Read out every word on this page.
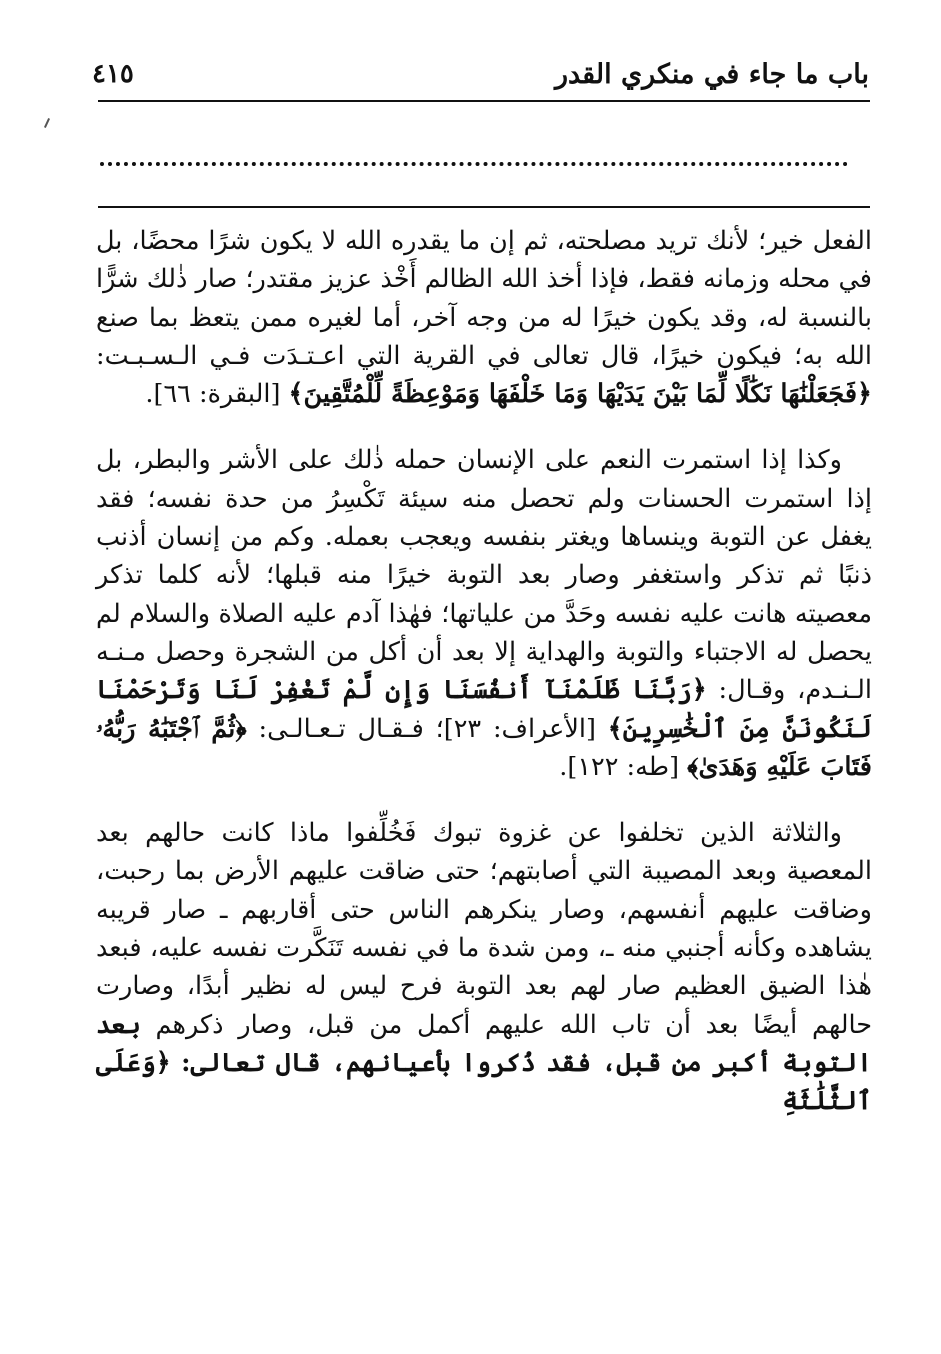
باب ما جاء في منكري القدر
٤١٥

الفعل خير؛ لأنك تريد مصلحته، ثم إن ما يقدره الله لا يكون شرًا محضًا، بل في محله وزمانه فقط، فإذا أخذ الله الظالم أَخْذ عزيز مقتدر؛ صار ذٰلك شرًّا بالنسبة له، وقد يكون خيرًا له من وجه آخر، أما لغيره ممن يتعظ بما صنع الله به؛ فيكون خيرًا، قال تعالى في القرية التي اعـتـدَت فـي الـسـبـت: ﴿فَجَعَلْنَٰهَا نَكَٰلًا لِّمَا بَيْنَ يَدَيْهَا وَمَا خَلْفَهَا وَمَوْعِظَةً لِّلْمُتَّقِينَ﴾ [البقرة: ٦٦].

وكذا إذا استمرت النعم على الإنسان حمله ذٰلك على الأشر والبطر، بل إذا استمرت الحسنات ولم تحصل منه سيئة تَكْسِرُ من حدة نفسه؛ فقد يغفل عن التوبة وينساها ويغتر بنفسه ويعجب بعمله. وكم من إنسان أذنب ذنبًا ثم تذكر واستغفر وصار بعد التوبة خيرًا منه قبلها؛ لأنه كلما تذكر معصيته هانت عليه نفسه وحَدَّ من علياتها؛ فهٰذا آدم عليه الصلاة والسلام لم يحصل له الاجتباء والتوبة والهداية إلا بعد أن أكل من الشجرة وحصل مـنـه الـنـدم، وقـال: ﴿رَبَّنَا ظَلَمْنَآ أَنفُسَنَا وَإِن لَّمْ تَغْفِرْ لَنَا وَتَرْحَمْنَا لَنَكُونَنَّ مِنَ ٱلْخَٰسِرِينَ﴾ [الأعراف: ٢٣]؛ فـقـال تـعـالـى: ﴿ثُمَّ ٱجْتَبَٰهُ رَبُّهُۥ فَتَابَ عَلَيْهِ وَهَدَىٰ﴾ [طه: ١٢٢].

والثلاثة الذين تخلفوا عن غزوة تبوك فَخُلِّفوا ماذا كانت حالهم بعد المعصية وبعد المصيبة التي أصابتهم؛ حتى ضاقت عليهم الأرض بما رحبت، وضاقت عليهم أنفسهم، وصار ينكرهم الناس حتى أقاربهم ـ صار قريبه يشاهده وكأنه أجنبي منه ـ، ومن شدة ما في نفسه تَنَكَّرت نفسه عليه، فبعد هٰذا الضيق العظيم صار لهم بعد التوبة فرح ليس له نظير أبدًا، وصارت حالهم أيضًا بعد أن تاب الله عليهم أكمل من قبل، وصار ذكرهم بعد التوبة أكبر من قبل، فقد ذُكروا بأعيانهم، قال تعالى: ﴿وَعَلَى ٱلثَّلَٰثَةِ
